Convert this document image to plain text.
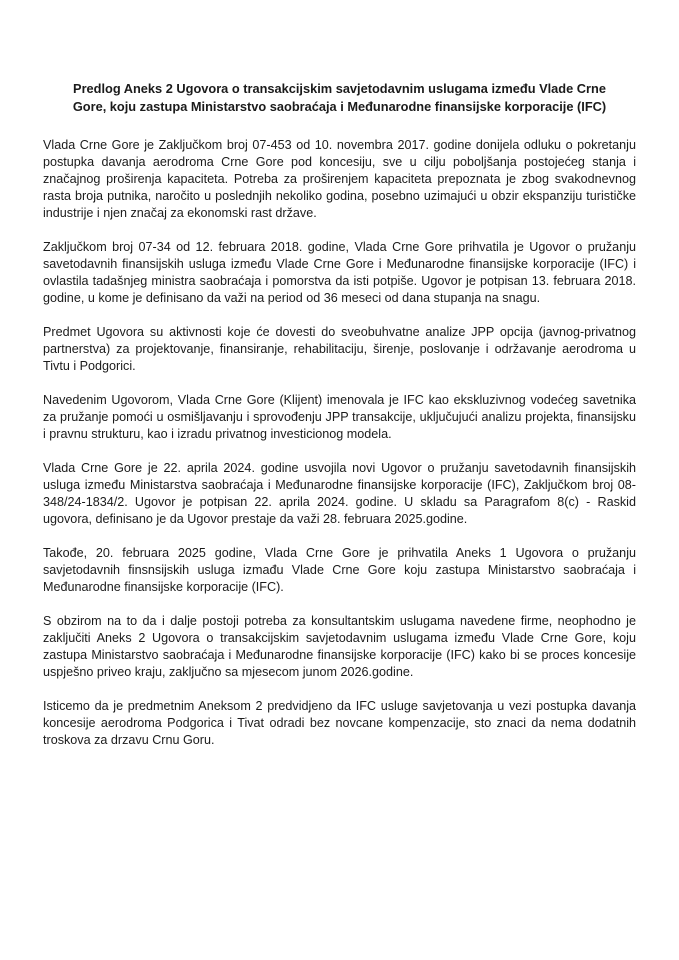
Predlog Aneks 2 Ugovora o transakcijskim savjetodavnim uslugama između Vlade Crne Gore, koju zastupa Ministarstvo saobraćaja i Međunarodne finansijske korporacije (IFC)

Vlada Crne Gore je Zaključkom broj 07-453 od 10. novembra 2017. godine donijela odluku o pokretanju postupka davanja aerodroma Crne Gore pod koncesiju, sve u cilju poboljšanja postojećeg stanja i značajnog proširenja kapaciteta. Potreba za proširenjem kapaciteta prepoznata je zbog svakodnevnog rasta broja putnika, naročito u poslednjih nekoliko godina, posebno uzimajući u obzir ekspanziju turističke industrije i njen značaj za ekonomski rast države.

Zaključkom broj 07-34 od 12. februara 2018. godine, Vlada Crne Gore prihvatila je Ugovor o pružanju savetodavnih finansijskih usluga između Vlade Crne Gore i Međunarodne finansijske korporacije (IFC) i ovlastila tadašnjeg ministra saobraćaja i pomorstva da isti potpiše. Ugovor je potpisan 13. februara 2018. godine, u kome je definisano da važi na period od 36 meseci od dana stupanja na snagu.

Predmet Ugovora su aktivnosti koje će dovesti do sveobuhvatne analize JPP opcija (javnog-privatnog partnerstva) za projektovanje, finansiranje, rehabilitaciju, širenje, poslovanje i održavanje aerodroma u Tivtu i Podgorici.

Navedenim Ugovorom, Vlada Crne Gore (Klijent) imenovala je IFC kao ekskluzivnog vodećeg savetnika za pružanje pomoći u osmišljavanju i sprovođenju JPP transakcije, uključujući analizu projekta, finansijsku i pravnu strukturu, kao i izradu privatnog investicionog modela.

Vlada Crne Gore je 22. aprila 2024. godine usvojila novi Ugovor o pružanju savetodavnih finansijskih usluga između Ministarstva saobraćaja i Međunarodne finansijske korporacije (IFC), Zaključkom broj 08-348/24-1834/2. Ugovor je potpisan 22. aprila 2024. godine. U skladu sa Paragrafom 8(c) - Raskid ugovora, definisano je da Ugovor prestaje da važi 28. februara 2025.godine.

Takođe, 20. februara 2025 godine, Vlada Crne Gore je prihvatila Aneks 1 Ugovora o pružanju savjetodavnih finsnsijskih usluga izmađu Vlade Crne Gore koju zastupa Ministarstvo saobraćaja i Međunarodne finansijske korporacije (IFC).

S obzirom na to da i dalje postoji potreba za konsultantskim uslugama navedene firme, neophodno je zaključiti Aneks 2 Ugovora o transakcijskim savjetodavnim uslugama između Vlade Crne Gore, koju zastupa Ministarstvo saobraćaja i Međunarodne finansijske korporacije (IFC) kako bi se proces koncesije uspješno priveo kraju, zaključno sa mjesecom junom 2026.godine.

Isticemo da je predmetnim Aneksom 2 predvidjeno da IFC usluge savjetovanja u vezi postupka davanja koncesije aerodroma Podgorica i Tivat odradi bez novcane kompenzacije, sto znaci da nema dodatnih troskova za drzavu Crnu Goru.
